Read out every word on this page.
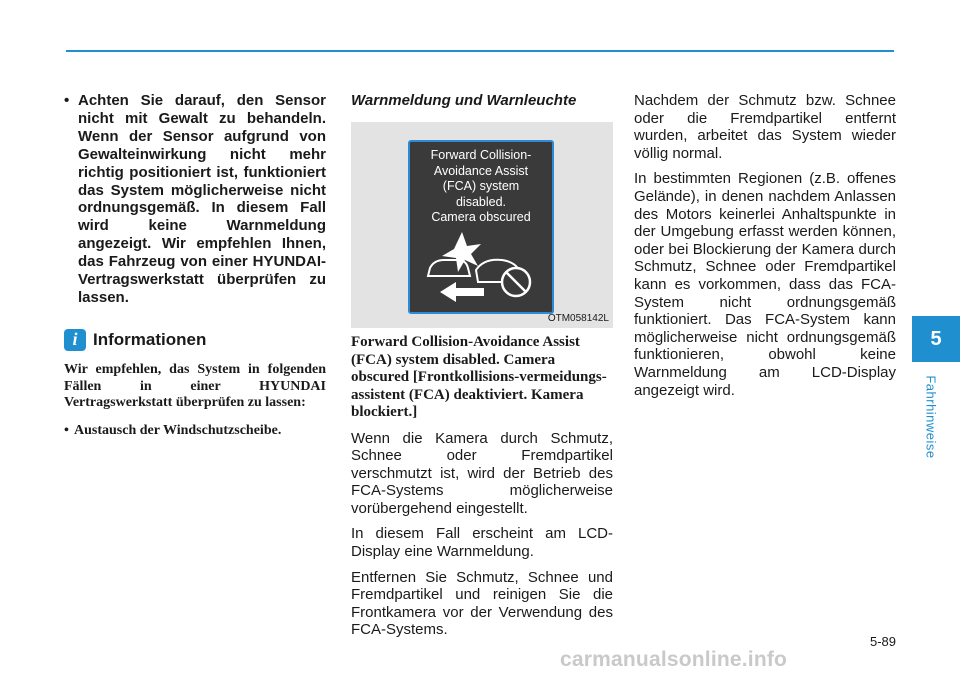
• Achten Sie darauf, den Sensor nicht mit Gewalt zu behandeln. Wenn der Sensor aufgrund von Gewalteinwirkung nicht mehr richtig positioniert ist, funktioniert das System möglicherweise nicht ordnungsgemäß. In diesem Fall wird keine Warnmeldung angezeigt. Wir empfehlen Ihnen, das Fahrzeug von einer HYUNDAI-Vertragswerkstatt überprüfen zu lassen.
i Informationen
Wir empfehlen, das System in folgenden Fällen in einer HYUNDAI Vertragswerkstatt überprüfen zu lassen:
• Austausch der Windschutzscheibe.
Warnmeldung und Warnleuchte
Forward Collision-
Avoidance Assist
(FCA) system
disabled.
Camera obscured
OTM058142L
Forward Collision-Avoidance Assist (FCA) system disabled. Camera obscured [Frontkollisions-vermeidungs-assistent (FCA) deaktiviert. Kamera blockiert.]
Wenn die Kamera durch Schmutz, Schnee oder Fremdpartikel verschmutzt ist, wird der Betrieb des FCA-Systems möglicherweise vorübergehend eingestellt.
In diesem Fall erscheint am LCD-Display eine Warnmeldung.
Entfernen Sie Schmutz, Schnee und Fremdpartikel und reinigen Sie die Frontkamera vor der Verwendung des FCA-Systems.
Nachdem der Schmutz bzw. Schnee oder die Fremdpartikel entfernt wurden, arbeitet das System wieder völlig normal.
In bestimmten Regionen (z.B. offenes Gelände), in denen nachdem Anlassen des Motors keinerlei Anhaltspunkte in der Umgebung erfasst werden können, oder bei Blockierung der Kamera durch Schmutz, Schnee oder Fremdpartikel kann es vorkommen, dass das FCA-System nicht ordnungsgemäß funktioniert. Das FCA-System kann möglicherweise nicht ordnungsgemäß funktionieren, obwohl keine Warnmeldung am LCD-Display angezeigt wird.
5
Fahrhinweise
5-89
carmanualsonline.info
